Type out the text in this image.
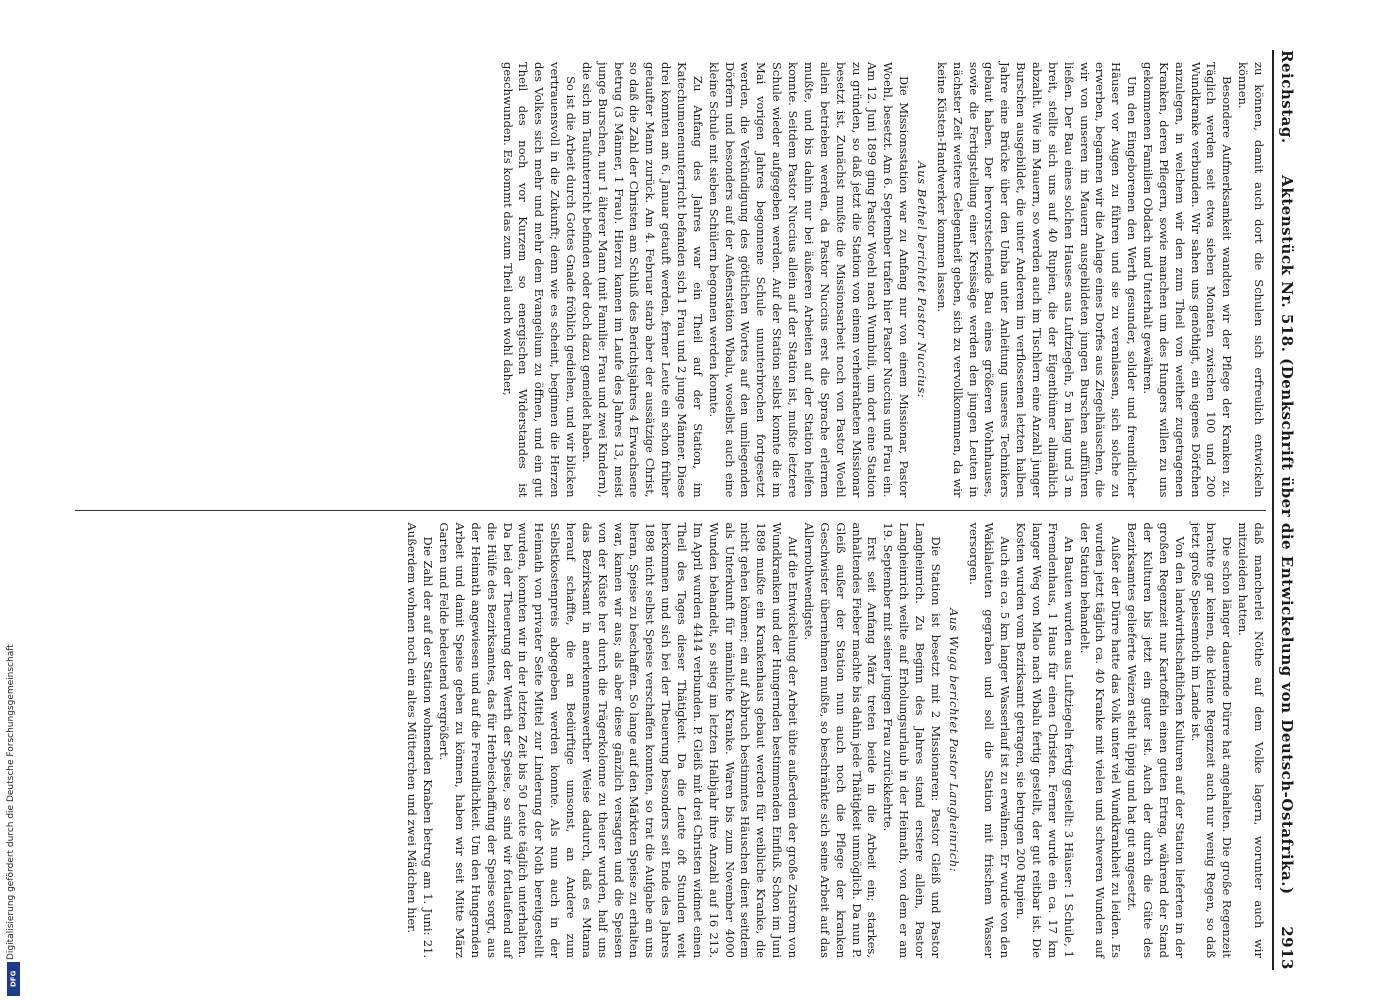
Digitalisierung gefördert durch die Deutsche Forschungsgemeinschaft
DFG
Reichstag.
Aktenstück Nr. 518. (Denkschrift über die Entwickelung von Deutsch-Ostafrika.)
2913

zu können, damit auch dort die Schulen sich erfreulich entwickeln können.

Besondere Aufmerksamkeit wandten wir der Pflege der Kranken zu. Täglich werden seit etwa sieben Monaten zwischen 100 und 200 Wundkranke verbunden. Wir sahen uns genöthigt, ein eigenes Dörfchen anzulegen, in welchem wir den zum Theil von weither zugetragenen Kranken, deren Pflegern, sowie manchen um des Hungers willen zu uns gekommenen Familien Obdach und Unterhalt gewähren.

Um den Eingeborenen den Werth gesunder, solider und freundlicher Häuser vor Augen zu führen und sie zu veranlassen, sich solche zu erwerben, begannen wir die Anlage eines Dorfes aus Ziegelhäuschen, die wir von unseren im Mauern ausgebildeten jungen Burschen aufführen ließen. Der Bau eines solchen Hauses aus Luftziegeln, 5 m lang und 3 m breit, stellte sich uns auf 40 Rupien, die der Eigenthümer allmählich abzahlt. Wie im Mauern, so werden auch im Tischlern eine Anzahl junger Burschen ausgebildet, die unter Anderem im verflossenen letzten halben Jahre eine Brücke über den Umba unter Anleitung unseres Technikers gebaut haben. Der hervorstechende Bau eines größeren Wohnhauses, sowie die Fertigstellung einer Kreissäge werden den jungen Leuten in nächster Zeit weitere Gelegenheit geben, sich zu vervollkommnen, da wir keine Küsten-Handwerker kommen lassen.

Aus Bethel berichtet Pastor Nuccius:

Die Missionsstation war zu Anfang nur von einem Missionar, Pastor Woehl, besetzt. Am 6. September trafen hier Pastor Nuccius und Frau ein. Am 12. Juni 1899 ging Pastor Woehl nach Wumbuli, um dort eine Station zu gründen, so daß jetzt die Station von einem verheiratheten Missionar besetzt ist. Zunächst mußte die Missionsarbeit noch von Pastor Woehl allein betrieben werden, da Pastor Nuccius erst die Sprache erlernen mußte, und bis dahin nur bei äußeren Arbeiten auf der Station helfen konnte. Seitdem Pastor Nuccius allein auf der Station ist, mußte letztere Schule wieder aufgegeben werden. Auf der Station selbst konnte die im Mai vorigen Jahres begonnene Schule ununterbrochen fortgesetzt werden, die Verkündigung des göttlichen Wortes auf den umliegenden Dörfern und besonders auf der Außenstation Wbalu, woselbst auch eine kleine Schule mit sieben Schülern begonnen werden konnte.

Zu Anfang des Jahres war ein Theil auf der Station, im Katechumenenunterricht befanden sich 1 Frau und 2 junge Männer. Diese drei konnten am 6. Januar getauft werden, ferner Leute ein schon früher getaufter Mann zurück. Am 4. Februar starb aber der aussätzige Christ, so daß die Zahl der Christen am Schluß des Berichtsjahres 4 Erwachsene betrug (3 Männer, 1 Frau). Hierzu kamen im Laufe des Jahres 13, meist junge Burschen, nur 1 älterer Mann (mit Familie: Frau und zwei Kindern), die sich im Taufunterricht befinden oder doch dazu gemeldet haben.

So ist die Arbeit durch Gottes Gnade fröhlich gediehen, und wir blicken vertrauensvoll in die Zukunft; denn wie es scheint, beginnen die Herzen des Volkes sich mehr und mehr dem Evangelium zu öffnen, und ein gut Theil des noch vor Kurzem so energischen Widerstandes ist geschwunden. Es kommt das zum Theil auch wohl daher,

daß mancherlei Nöthe auf dem Volke lagern, worunter auch wir mitzuleiden hatten.

Die schon länger dauernde Dürre hat angehalten. Die große Regenzeit brachte gar keinen, die kleine Regenzeit auch nur wenig Regen, so daß jetzt große Speisennoth im Lande ist.

Von den landwirthschaftlichen Kulturen auf der Station lieferten in der großen Regenzeit nur Kartoffeln einen guten Ertrag, während der Stand der Kulturen bis jetzt ein guter ist. Auch der durch die Güte des Bezirksamtes gelieferte Weizen steht üppig und hat gut angesetzt.

Außer der Dürre hatte das Volk unter viel Wundkrankheit zu leiden. Es wurden jetzt täglich ca. 40 Kranke mit vielen und schweren Wunden auf der Station behandelt.

An Bauten wurden aus Luftziegeln fertig gestellt: 3 Häuser: 1 Schule, 1 Fremdenhaus, 1 Haus für einen Christen. Ferner wurde ein ca. 17 km langer Weg von Mlao nach Wbalu fertig gestellt, der gut reitbar ist. Die Kosten wurden vom Bezirksamt getragen, sie betrugen 200 Rupien.

Auch ein ca. 5 km langer Wasserlauf ist zu erwähnen. Er wurde von den Wakilaleuten gegraben und soll die Station mit frischem Wasser versorgen.

Aus Wuga berichtet Pastor Langheinrich:

Die Station ist besetzt mit 2 Missionaren: Pastor Gleiß und Pastor Langheinrich. Zu Beginn des Jahres stand erstere allein, Pastor Langheinrich weilte auf Erholungsurlaub in der Heimath, von dem er am 19. September mit seiner jungen Frau zurückkehrte.

Erst seit Anfang März treten beide in die Arbeit ein; starkes, anhaltendes Fieber machte bis dahin jede Thätigkeit unmöglich. Da nun P. Gleiß außer der Station nun auch noch die Pflege der kranken Geschwister übernehmen mußte, so beschränkte sich seine Arbeit auf das Allernothwendigste.

Auf die Entwickelung der Arbeit übte außerdem der große Zustrom von Wundkranken und der Hungernden bestimmenden Einfluß. Schon im Juni 1898 mußte ein Krankenhaus gebaut werden für weibliche Kranke, die nicht gehen können; ein auf Abbruch bestimmtes Häuschen dient seitdem als Unterkunft für männliche Kranke. Waren bis zum November 4000 Wunden behandelt, so stieg im letzten Halbjahr ihre Anzahl auf 16 213. Im April wurden 4414 verbunden. P. Gleiß mit drei Christen widmet einen Theil des Tages dieser Thätigkeit. Da die Leute oft Stunden weit herkommen und sich bei der Theuerung besonders seit Ende des Jahres 1898 nicht selbst Speise verschaffen konnten, so trat die Aufgabe an uns heran, Speise zu beschaffen. So lange auf den Märkten Speise zu erhalten war, kamen wir aus; als aber diese gänzlich versagten und die Speisen von der Küste her durch die Trägerkolonne zu theuer wurden, half uns das Bezirksamt in anerkennenswerther Weise dadurch, daß es Mtama herauf schaffte, die an Bedürftige umsonst, an Andere zum Selbstkostenpreis abgegeben werden konnte. Als nun auch in der Heimath von privater Seite Mittel zur Linderung der Noth bereitgestellt wurden, konnten wir in der letzten Zeit bis 50 Leute täglich unterhalten. Da bei der Theuerung der Werth der Speise, so sind wir fortlaufend auf die Hülfe des Bezirksamtes, das für Herbeischaffung der Speise sorgt, aus der Heimath angewiesen und auf die Freundlichkeit. Um den Hungernden Arbeit und damit Speise geben zu können, haben wir seit Mitte März Garten und Felde bedeutend vergrößert.

Die Zahl der auf der Station wohnenden Knaben betrug am 1. Juni: 21. Außerdem wohnen noch ein altes Mütterchen und zwei Mädchen hier.
